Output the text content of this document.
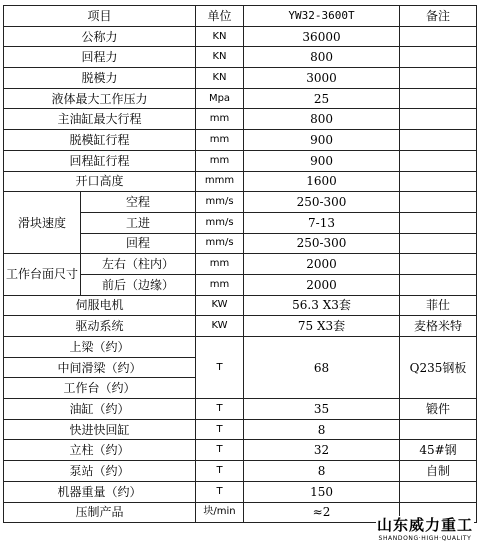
项目		单位	YW32-3600T	备注
公称力		KN	36000	
回程力		KN	800	
脱模力		KN	3000	
液体最大工作压力		Mpa	25	
主油缸最大行程		mm	800	
脱模缸行程		mm	900	
回程缸行程		mm	900	
开口高度		mmm	1600	
滑块速度	空程	mm/s	250-300	
	工进	mm/s	7-13	
	回程	mm/s	250-300	
工作台面尺寸	左右（柱内）	mm	2000	
	前后（边缘）	mm	2000	
伺服电机		KW	56.3 X3套	菲仕
驱动系统		KW	75 X3套	麦格米特
上梁（约）		T	68	Q235钢板
中间滑梁（约）				
工作台（约）				
油缸（约）		T	35	锻件
快进快回缸		T	8	
立柱（约）		T	32	45#钢
泵站（约）		T	8	自制
机器重量（约）		T	150	
压制产品		块/min	≈2	
山东威力重工
SHANDONG·HIGH·QUALITY
